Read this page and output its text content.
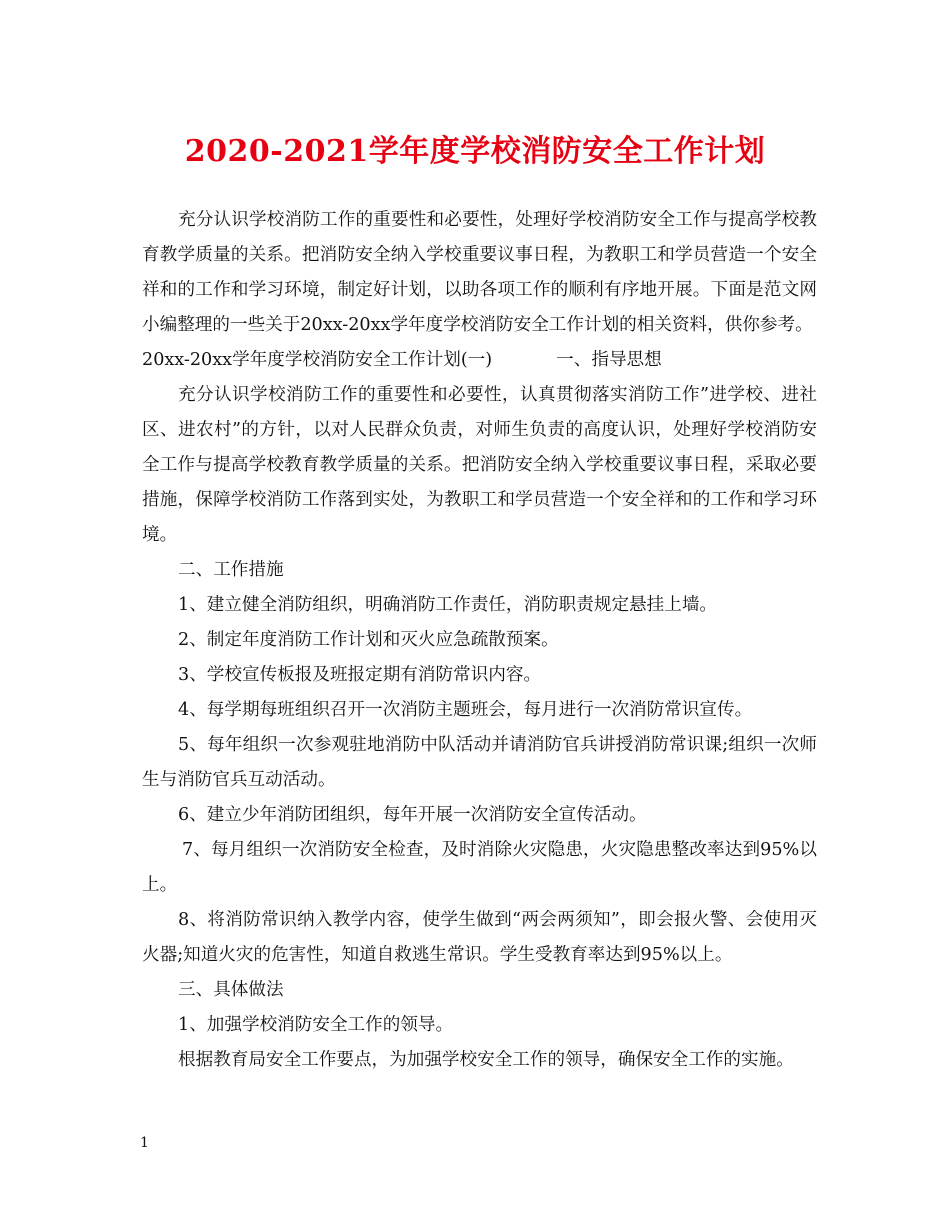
2020-2021学年度学校消防安全工作计划

充分认识学校消防工作的重要性和必要性，处理好学校消防安全工作与提高学校教育教学质量的关系。把消防安全纳入学校重要议事日程，为教职工和学员营造一个安全祥和的工作和学习环境，制定好计划，以助各项工作的顺利有序地开展。下面是范文网小编整理的一些关于20xx-20xx学年度学校消防安全工作计划的相关资料，供你参考。

20xx-20xx学年度学校消防安全工作计划(一)	一、指导思想

充分认识学校消防工作的重要性和必要性，认真贯彻落实消防工作”进学校、进社区、进农村”的方针，以对人民群众负责，对师生负责的高度认识，处理好学校消防安全工作与提高学校教育教学质量的关系。把消防安全纳入学校重要议事日程，采取必要措施，保障学校消防工作落到实处，为教职工和学员营造一个安全祥和的工作和学习环境。

二、工作措施

1、建立健全消防组织，明确消防工作责任，消防职责规定悬挂上墙。

2、制定年度消防工作计划和灭火应急疏散预案。

3、学校宣传板报及班报定期有消防常识内容。

4、每学期每班组织召开一次消防主题班会，每月进行一次消防常识宣传。

5、每年组织一次参观驻地消防中队活动并请消防官兵讲授消防常识课;组织一次师生与消防官兵互动活动。

6、建立少年消防团组织，每年开展一次消防安全宣传活动。

7、每月组织一次消防安全检查，及时消除火灾隐患，火灾隐患整改率达到95%以上。

8、将消防常识纳入教学内容，使学生做到“两会两须知”，即会报火警、会使用灭火器;知道火灾的危害性，知道自救逃生常识。学生受教育率达到95%以上。

三、具体做法

1、加强学校消防安全工作的领导。

根据教育局安全工作要点，为加强学校安全工作的领导，确保安全工作的实施。

1
